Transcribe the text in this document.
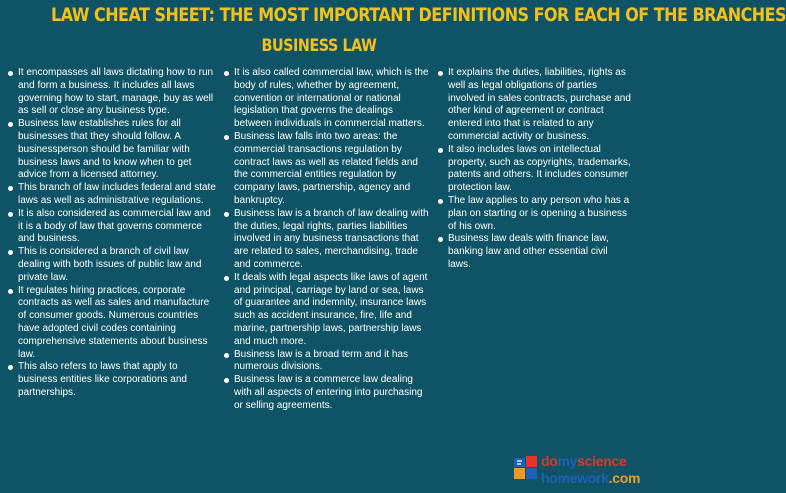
LAW CHEAT SHEET: THE MOST IMPORTANT DEFINITIONS FOR EACH OF THE BRANCHES
BUSINESS LAW
It encompasses all laws dictating how to run and form a business. It includes all laws governing how to start, manage, buy as well as sell or close any business type.
Business law establishes rules for all businesses that they should follow. A businessperson should be familiar with business laws and to know when to get advice from a licensed attorney.
This branch of law includes federal and state laws as well as administrative regulations.
It is also considered as commercial law and it is a body of law that governs commerce and business.
This is considered a branch of civil law dealing with both issues of public law and private law.
It regulates hiring practices, corporate contracts as well as sales and manufacture of consumer goods. Numerous countries have adopted civil codes containing comprehensive statements about business law.
This also refers to laws that apply to business entities like corporations and partnerships.
It is also called commercial law, which is the body of rules, whether by agreement, convention or international or national legislation that governs the dealings between individuals in commercial matters.
Business law falls into two areas: the commercial transactions regulation by contract laws as well as related fields and the commercial entities regulation by company laws, partnership, agency and bankruptcy.
Business law is a branch of law dealing with the duties, legal rights, parties liabilities involved in any business transactions that are related to sales, merchandising, trade and commerce.
It deals with legal aspects like laws of agent and principal, carriage by land or sea, laws of guarantee and indemnity, insurance laws such as accident insurance, fire, life and marine, partnership laws, partnership laws and much more.
Business law is a broad term and it has numerous divisions.
Business law is a commerce law dealing with all aspects of entering into purchasing or selling agreements.
It explains the duties, liabilities, rights as well as legal obligations of parties involved in sales contracts, purchase and other kind of agreement or contract entered into that is related to any commercial activity or business.
It also includes laws on intellectual property, such as copyrights, trademarks, patents and others. It includes consumer protection law.
The law applies to any person who has a plan on starting or is opening a business of his own.
Business law deals with finance law, banking law and other essential civil laws.
domyscience
homework.com
